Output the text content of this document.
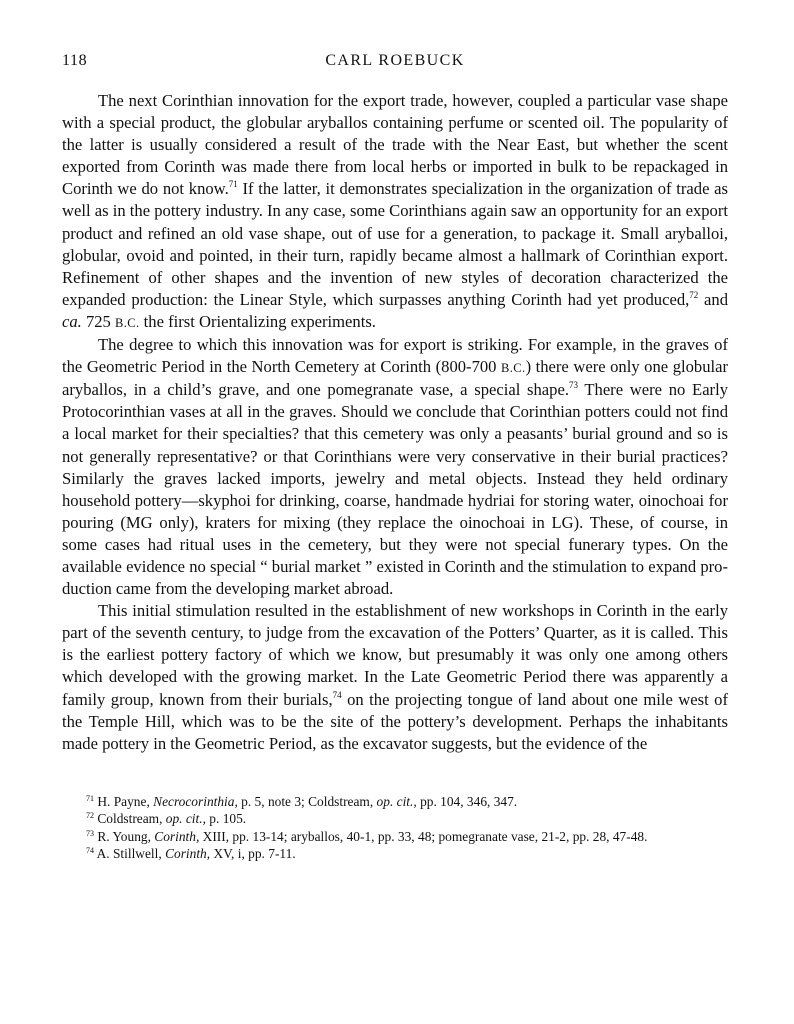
118	CARL ROEBUCK

The next Corinthian innovation for the export trade, however, coupled a particular vase shape with a special product, the globular aryballos containing perfume or scented oil. The popularity of the latter is usually considered a result of the trade with the Near East, but whether the scent exported from Corinth was made there from local herbs or imported in bulk to be repackaged in Corinth we do not know.$^{71}$ If the latter, it demonstrates specialization in the organization of trade as well as in the pottery industry. In any case, some Corinthians again saw an opportunity for an export product and refined an old vase shape, out of use for a generation, to package it. Small aryballoi, globular, ovoid and pointed, in their turn, rapidly became almost a hallmark of Corinthian export. Refinement of other shapes and the invention of new styles of decoration characterized the expanded production: the Linear Style, which surpasses anything Corinth had yet produced,$^{72}$ and ca. 725 B.C. the first Orientalizing experiments.

The degree to which this innovation was for export is striking. For example, in the graves of the Geometric Period in the North Cemetery at Corinth (800-700 B.C.) there were only one globular aryballos, in a child’s grave, and one pomegranate vase, a special shape.$^{73}$ There were no Early Protocorinthian vases at all in the graves. Should we conclude that Corinthian potters could not find a local market for their specialties? that this cemetery was only a peasants’ burial ground and so is not generally representative? or that Corinthians were very conservative in their burial practices? Similarly the graves lacked imports, jewelry and metal objects. Instead they held ordinary household pottery—skyphoi for drinking, coarse, handmade hydriai for storing water, oinochoai for pouring (MG only), kraters for mixing (they replace the oinochoai in LG). These, of course, in some cases had ritual uses in the cemetery, but they were not special funerary types. On the available evidence no special “ burial market ” existed in Corinth and the stimulation to expand production came from the developing market abroad.

This initial stimulation resulted in the establishment of new workshops in Corinth in the early part of the seventh century, to judge from the excavation of the Potters’ Quarter, as it is called. This is the earliest pottery factory of which we know, but presumably it was only one among others which developed with the growing market. In the Late Geometric Period there was apparently a family group, known from their burials,$^{74}$ on the projecting tongue of land about one mile west of the Temple Hill, which was to be the site of the pottery’s development. Perhaps the inhabitants made pottery in the Geometric Period, as the excavator suggests, but the evidence of the

$^{71}$ H. Payne, Necrocorinthia, p. 5, note 3; Coldstream, op. cit., pp. 104, 346, 347.

$^{72}$ Coldstream, op. cit., p. 105.

$^{73}$ R. Young, Corinth, XIII, pp. 13-14; aryballos, 40-1, pp. 33, 48; pomegranate vase, 21-2, pp. 28, 47-48.

$^{74}$ A. Stillwell, Corinth, XV, i, pp. 7-11.
